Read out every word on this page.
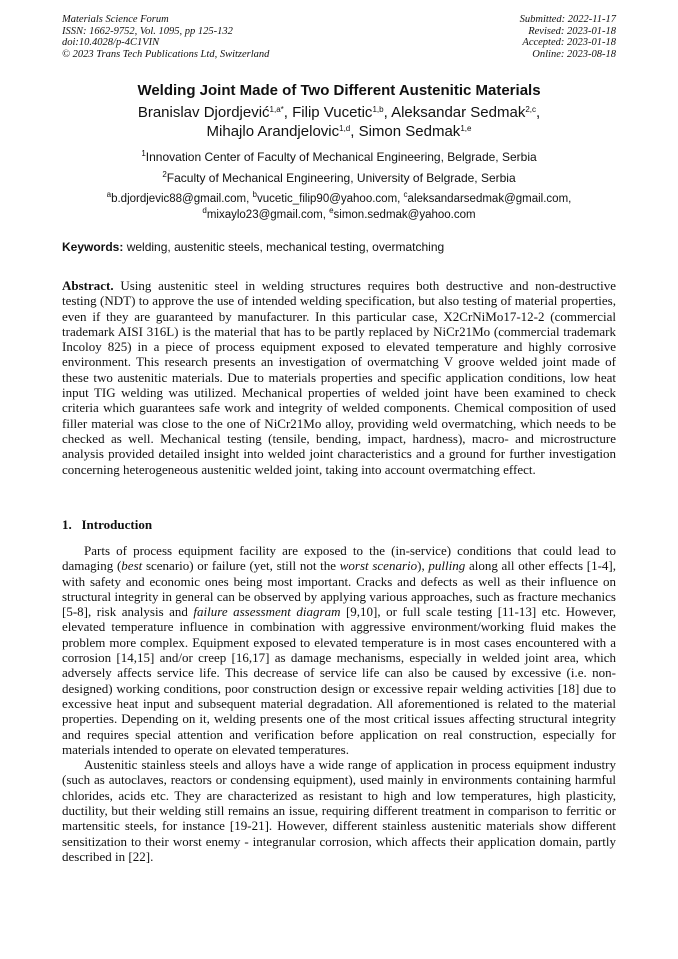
Materials Science Forum
ISSN: 1662-9752, Vol. 1095, pp 125-132
doi:10.4028/p-4C1VIN
© 2023 Trans Tech Publications Ltd, Switzerland
Submitted: 2022-11-17
Revised: 2023-01-18
Accepted: 2023-01-18
Online: 2023-08-18
Welding Joint Made of Two Different Austenitic Materials
Branislav Djordjević$^{1,a*}$, Filip Vucetic$^{1,b}$, Aleksandar Sedmak$^{2,c}$,
Mihajlo Arandjelovic$^{1,d}$, Simon Sedmak$^{1,e}$
$^1$Innovation Center of Faculty of Mechanical Engineering, Belgrade, Serbia
$^2$Faculty of Mechanical Engineering, University of Belgrade, Serbia
$^a$b.djordjevic88@gmail.com, $^b$vucetic_filip90@yahoo.com, $^c$aleksandarsedmak@gmail.com,
$^d$mixaylo23@gmail.com, $^e$simon.sedmak@yahoo.com
Keywords: welding, austenitic steels, mechanical testing, overmatching
Abstract. Using austenitic steel in welding structures requires both destructive and non-destructive testing (NDT) to approve the use of intended welding specification, but also testing of material properties, even if they are guaranteed by manufacturer. In this particular case, X2CrNiMo17-12-2 (commercial trademark AISI 316L) is the material that has to be partly replaced by NiCr21Mo (commercial trademark Incoloy 825) in a piece of process equipment exposed to elevated temperature and highly corrosive environment. This research presents an investigation of overmatching V groove welded joint made of these two austenitic materials. Due to materials properties and specific application conditions, low heat input TIG welding was utilized. Mechanical properties of welded joint have been examined to check criteria which guarantees safe work and integrity of welded components. Chemical composition of used filler material was close to the one of NiCr21Mo alloy, providing weld overmatching, which needs to be checked as well. Mechanical testing (tensile, bending, impact, hardness), macro- and microstructure analysis provided detailed insight into welded joint characteristics and a ground for further investigation concerning heterogeneous austenitic welded joint, taking into account overmatching effect.
1. Introduction

Parts of process equipment facility are exposed to the (in-service) conditions that could lead to damaging (best scenario) or failure (yet, still not the worst scenario), pulling along all other effects [1-4], with safety and economic ones being most important. Cracks and defects as well as their influence on structural integrity in general can be observed by applying various approaches, such as fracture mechanics [5-8], risk analysis and failure assessment diagram [9,10], or full scale testing [11-13] etc. However, elevated temperature influence in combination with aggressive environment/working fluid makes the problem more complex. Equipment exposed to elevated temperature is in most cases encountered with a corrosion [14,15] and/or creep [16,17] as damage mechanisms, especially in welded joint area, which adversely affects service life. This decrease of service life can also be caused by excessive (i.e. non-designed) working conditions, poor construction design or excessive repair welding activities [18] due to excessive heat input and subsequent material degradation. All aforementioned is related to the material properties. Depending on it, welding presents one of the most critical issues affecting structural integrity and requires special attention and verification before application on real construction, especially for materials intended to operate on elevated temperatures.

Austenitic stainless steels and alloys have a wide range of application in process equipment industry (such as autoclaves, reactors or condensing equipment), used mainly in environments containing harmful chlorides, acids etc. They are characterized as resistant to high and low temperatures, high plasticity, ductility, but their welding still remains an issue, requiring different treatment in comparison to ferritic or martensitic steels, for instance [19-21]. However, different stainless austenitic materials show different sensitization to their worst enemy - integranular corrosion, which affects their application domain, partly described in [22].
